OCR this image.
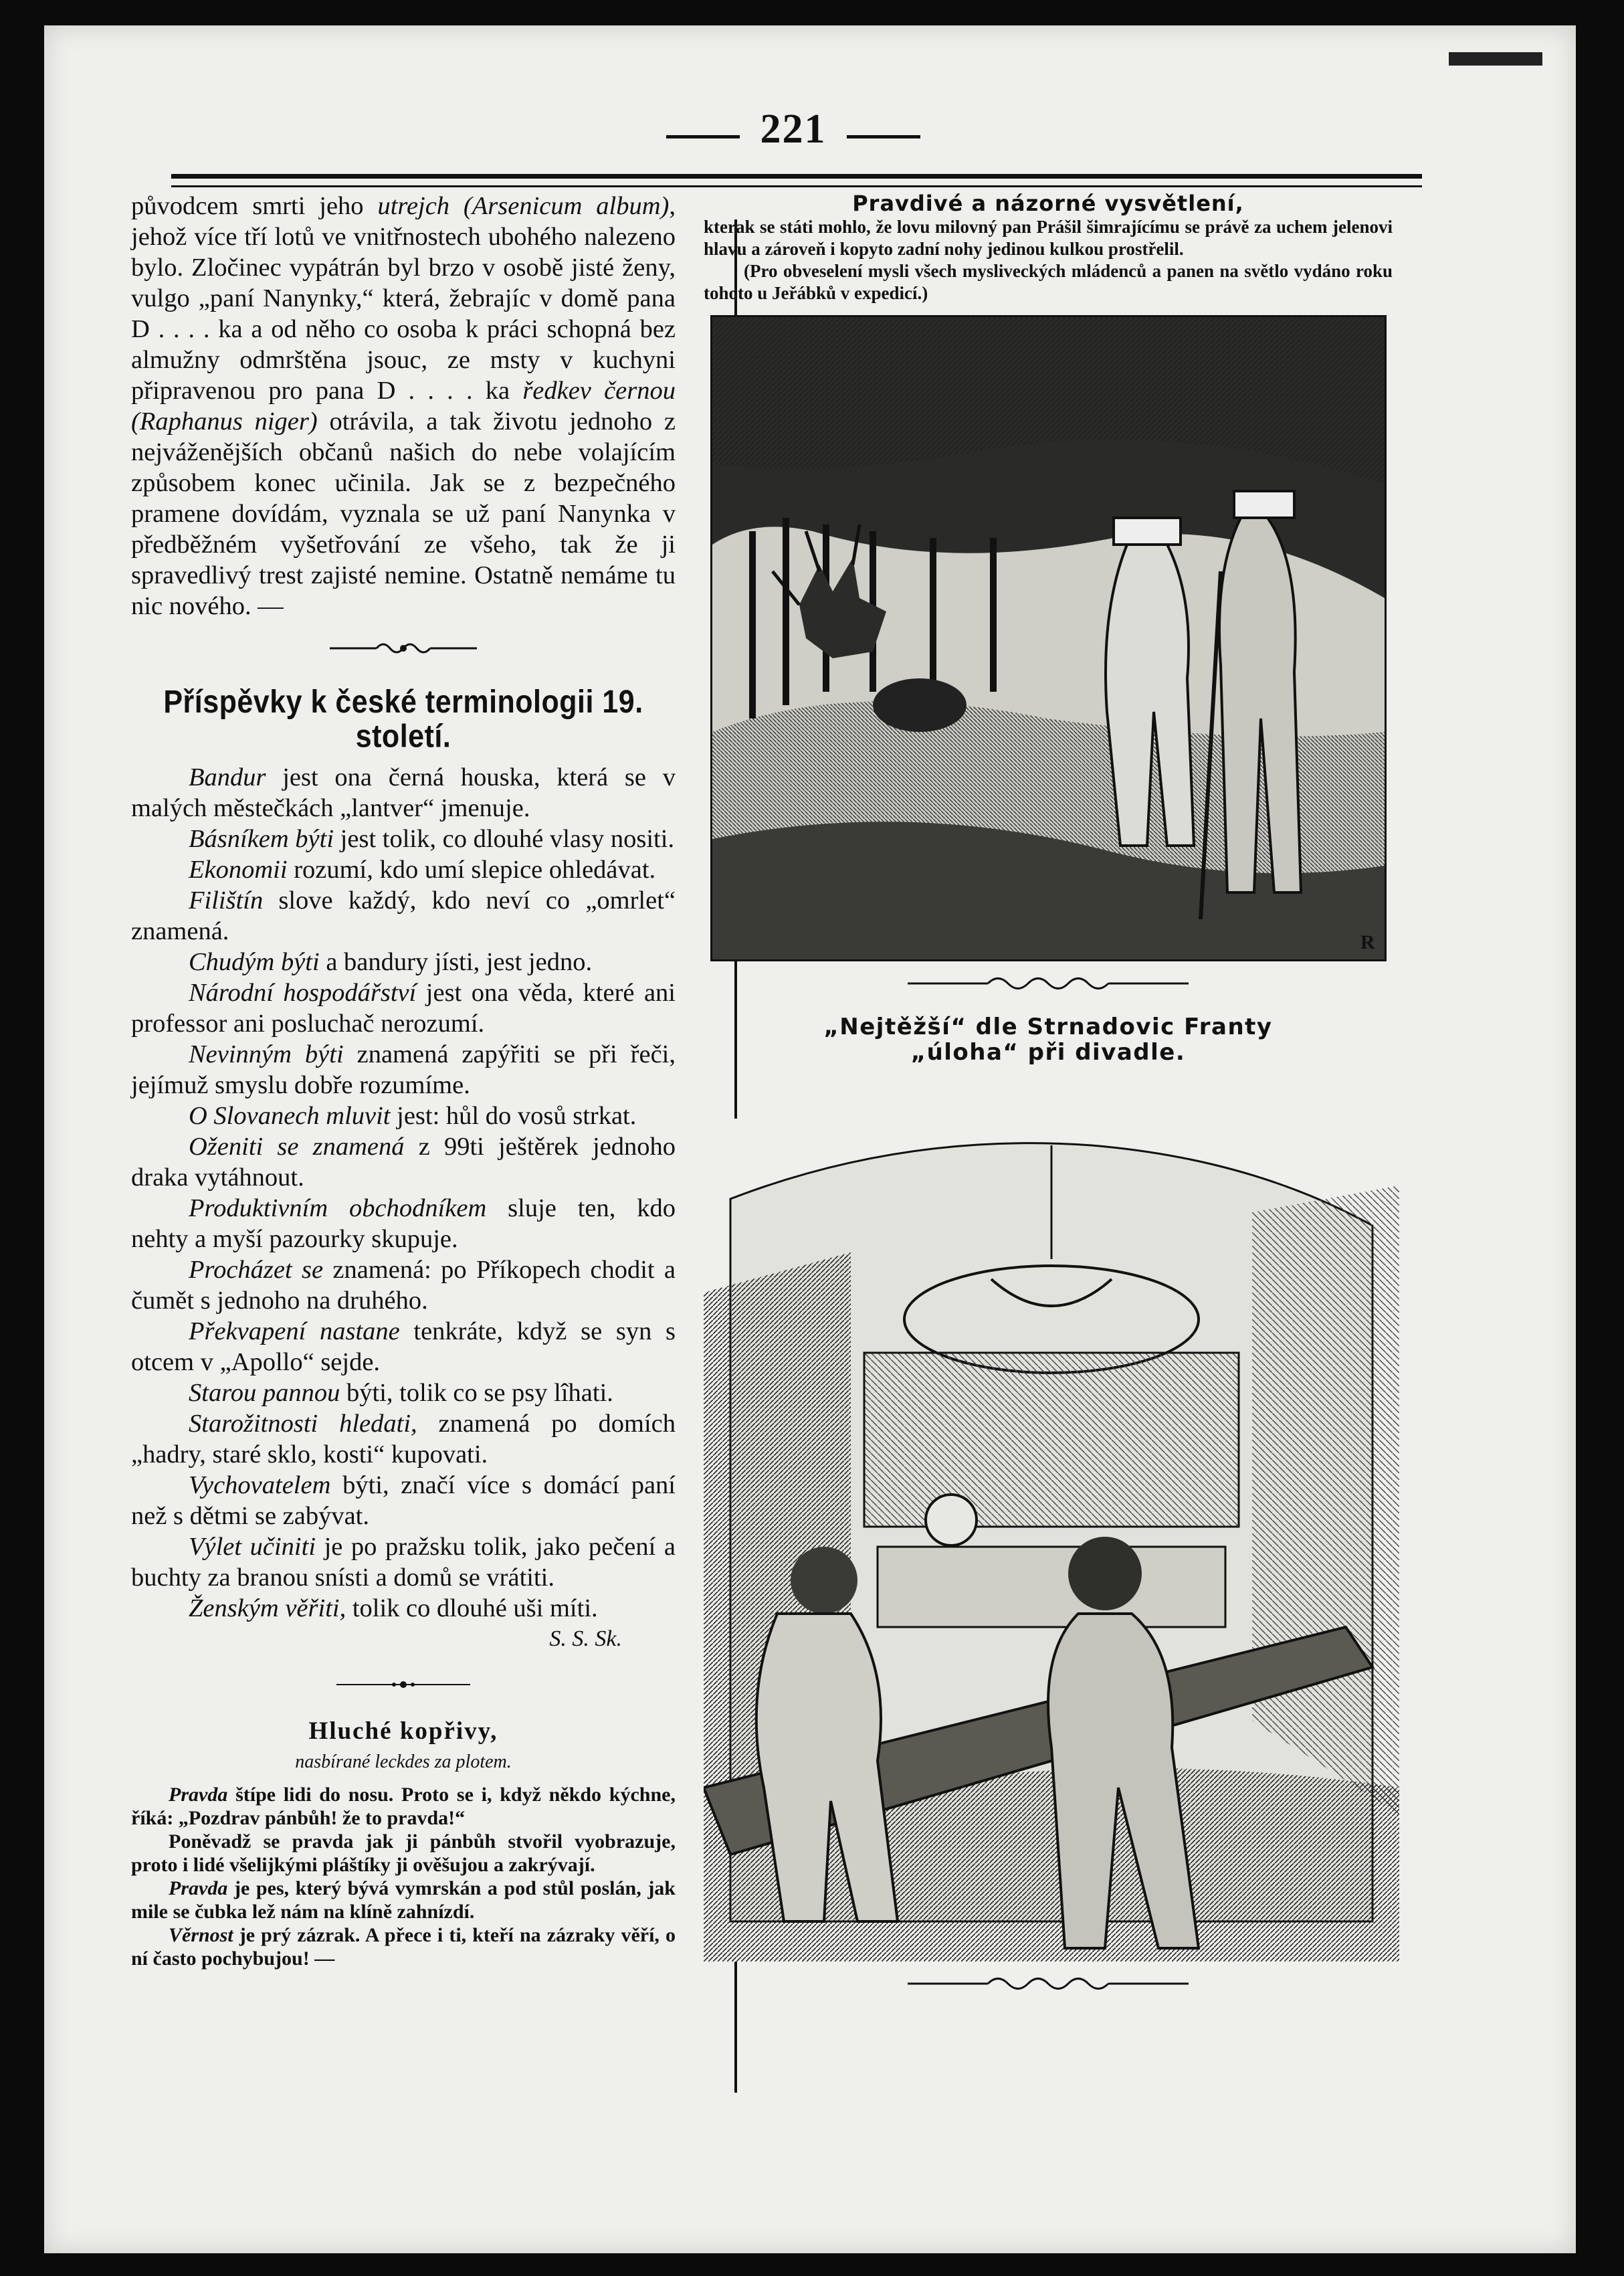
221

původcem smrti jeho utrejch (Arsenicum album), jehož více tří lotů ve vnitřnostech ubohého nalezeno bylo. Zločinec vypátrán byl brzo v osobě jisté ženy, vulgo „paní Nanynky,“ která, žebrajíc v domě pana D . . . . ka a od něho co osoba k práci schopná bez almužny odmrštěna jsouc, ze msty v kuchyni připravenou pro pana D . . . . ka ředkev černou (Raphanus niger) otrávila, a tak životu jednoho z nejváženějších občanů našich do nebe volajícím způsobem konec učinila. Jak se z bezpečného pramene dovídám, vyznala se už paní Nanynka v předběžném vyšetřování ze všeho, tak že ji spravedlivý trest zajisté nemine. Ostatně nemáme tu nic nového. —

Příspěvky k české terminologii 19. století.

Bandur jest ona černá houska, která se v malých městečkách „lantver“ jmenuje.

Básníkem býti jest tolik, co dlouhé vlasy nositi.

Ekonomii rozumí, kdo umí slepice ohledávat.

Filištín slove každý, kdo neví co „omrlet“ znamená.

Chudým býti a bandury jísti, jest jedno.

Národní hospodářství jest ona věda, které ani professor ani posluchač nerozumí.

Nevinným býti znamená zapýřiti se při řeči, jejímuž smyslu dobře rozumíme.

O Slovanech mluvit jest: hůl do vosů strkat.

Oženiti se znamená z 99ti ještěrek jednoho draka vytáhnout.

Produktivním obchodníkem sluje ten, kdo nehty a myší pazourky skupuje.

Procházet se znamená: po Příkopech chodit a čumět s jednoho na druhého.

Překvapení nastane tenkráte, když se syn s otcem v „Apollo“ sejde.

Starou pannou býti, tolik co se psy lîhati.

Starožitnosti hledati, znamená po domích „hadry, staré sklo, kosti“ kupovati.

Vychovatelem býti, značí více s domácí paní než s dětmi se zabývat.

Výlet učiniti je po pražsku tolik, jako pečení a buchty za branou snísti a domů se vrátiti.

Ženským věřiti, tolik co dlouhé uši míti.

S. S. Sk.
Hluché kopřivy,
nasbírané leckdes za plotem.

Pravda štípe lidi do nosu. Proto se i, když někdo kýchne, říká: „Pozdrav pánbůh! že to pravda!“

Poněvadž se pravda jak ji pánbůh stvořil vyobrazuje, proto i lidé všelijkými pláštíky ji ověšujou a zakrývají.

Pravda je pes, který bývá vymrskán a pod stůl poslán, jak mile se čubka lež nám na klíně zahnízdí.

Věrnost je prý zázrak. A přece i ti, kteří na zázraky věří, o ní často pochybujou! —

Pravdivé a názorné vysvětlení,

kterak se státi mohlo, že lovu milovný pan Prášil šimrajícímu se právě za uchem jelenovi hlavu a zároveň i kopyto zadní nohy jedinou kulkou prostřelil.

(Pro obveselení mysli všech mysliveckých mládenců a panen na světlo vydáno roku tohoto u Jeřábků v expedicí.)

R
„Nejtěžší“ dle Strnadovic Franty
„úloha“ při divadle.
